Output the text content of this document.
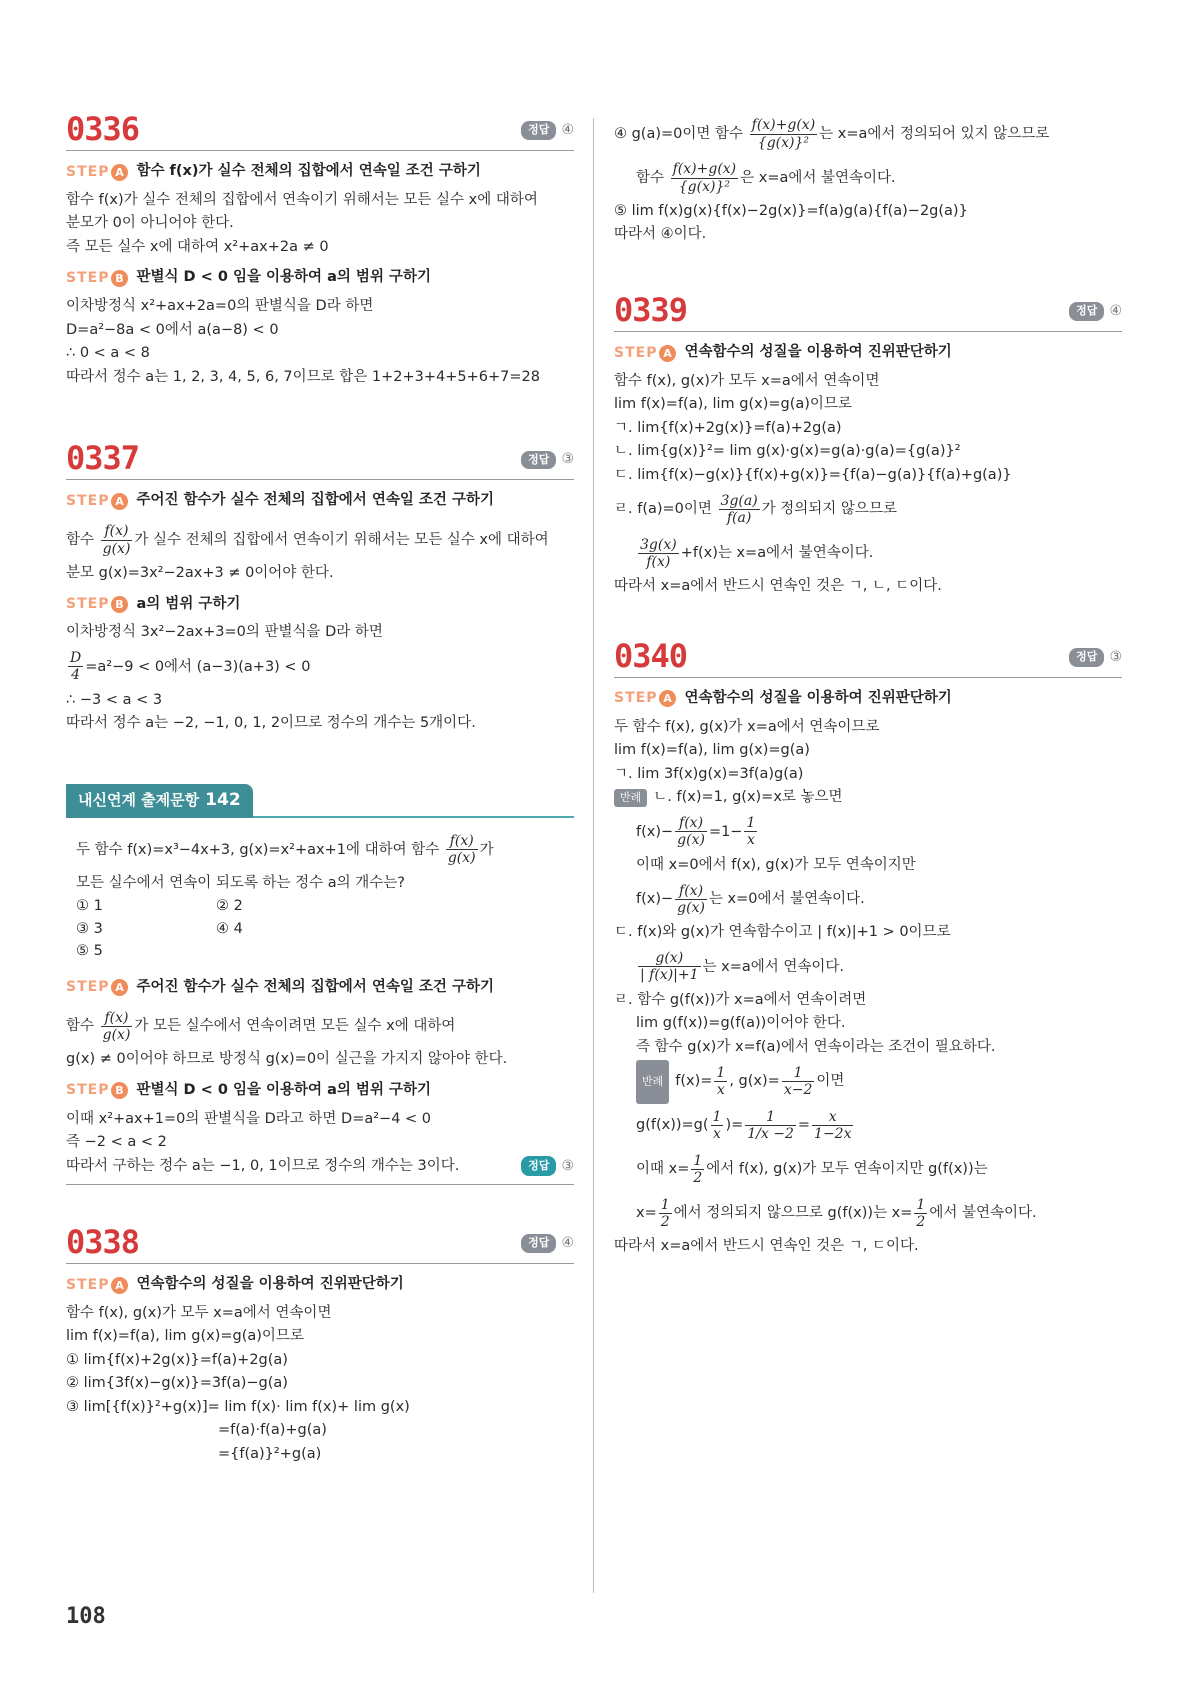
0336	정답 ④
STEP A 함수 f(x)가 실수 전체의 집합에서 연속일 조건 구하기
함수 f(x)가 실수 전체의 집합에서 연속이기 위해서는 모든 실수 x에 대하여
분모가 0이 아니어야 한다.
즉 모든 실수 x에 대하여 x²+ax+2a ≠ 0
STEP B 판별식 D < 0 임을 이용하여 a의 범위 구하기
이차방정식 x²+ax+2a=0의 판별식을 D라 하면
D=a²−8a < 0에서 a(a−8) < 0
∴ 0 < a < 8
따라서 정수 a는 1, 2, 3, 4, 5, 6, 7이므로 합은 1+2+3+4+5+6+7=28
0337	정답 ③
STEP A 주어진 함수가 실수 전체의 집합에서 연속일 조건 구하기
함수 $\frac{f(x)}{g(x)}$ 가 실수 전체의 집합에서 연속이기 위해서는 모든 실수 x에 대하여
분모 g(x)=3x²−2ax+3 ≠ 0이어야 한다.
STEP B a의 범위 구하기
이차방정식 3x²−2ax+3=0의 판별식을 D라 하면
$\frac{D}{4} =a^2-9 < 0$에서 (a−3)(a+3) < 0
∴ −3 < a < 3
따라서 정수 a는 −2, −1, 0, 1, 2이므로 정수의 개수는 5개이다.
내신연계 출제문항 142
두 함수 f(x)=x³−4x+3, g(x)=x²+ax+1에 대하여 함수 $\frac{f(x)}{g(x)}$ 가
모든 실수에서 연속이 되도록 하는 정수 a의 개수는?
① 1	② 2
③ 3	④ 4
⑤ 5
STEP A 주어진 함수가 실수 전체의 집합에서 연속일 조건 구하기
함수 $\frac{f(x)}{g(x)}$ 가 모든 실수에서 연속이려면 모든 실수 x에 대하여
g(x) ≠ 0이어야 하므로 방정식 g(x)=0이 실근을 가지지 않아야 한다.
STEP B 판별식 D < 0 임을 이용하여 a의 범위 구하기
이때 x²+ax+1=0의 판별식을 D라고 하면 D=a²−4 < 0
즉 −2 < a < 2
따라서 구하는 정수 a는 −1, 0, 1이므로 정수의 개수는 3이다.	정답 ③
0338	정답 ④
STEP A 연속함수의 성질을 이용하여 진위판단하기
함수 f(x), g(x)가 모두 x=a에서 연속이면
lim f(x)=f(a), lim g(x)=g(a)이므로
① lim{f(x)+2g(x)}=f(a)+2g(a)
② lim{3f(x)−g(x)}=3f(a)−g(a)
③ lim[{f(x)}²+g(x)]= lim f(x)· lim f(x)+ lim g(x)
=f(a)·f(a)+g(a)
={f(a)}²+g(a)
④ g(a)=0이면 함수 $\frac{f(x)+g(x)}{\text{\{g(x)\}²}}$ 는 x=a에서 정의되어 있지 않으므로
함수 $\frac{f(x)+g(x)}{\text{\{g(x)\}²}}$ 은 x=a에서 불연속이다.
⑤ lim f(x)g(x){f(x)−2g(x)}=f(a)g(a){f(a)−2g(a)}
따라서 ④이다.
0339	정답 ④
STEP A 연속함수의 성질을 이용하여 진위판단하기
함수 f(x), g(x)가 모두 x=a에서 연속이면
lim f(x)=f(a), lim g(x)=g(a)이므로
ㄱ. lim{f(x)+2g(x)}=f(a)+2g(a)
ㄴ. lim{g(x)}²= lim g(x)·g(x)=g(a)·g(a)={g(a)}²
ㄷ. lim{f(x)−g(x)}{f(x)+g(x)}={f(a)−g(a)}{f(a)+g(a)}
ㄹ. f(a)=0이면 $\frac{3g(a)}{f(a)}$ 가 정의되지 않으므로
$\frac{3g(x)}{f(x)} +f(x)$는 x=a에서 불연속이다.
따라서 x=a에서 반드시 연속인 것은 ㄱ, ㄴ, ㄷ이다.
0340	정답 ③
STEP A 연속함수의 성질을 이용하여 진위판단하기
두 함수 f(x), g(x)가 x=a에서 연속이므로
lim f(x)=f(a), lim g(x)=g(a)
ㄱ. lim 3f(x)g(x)=3f(a)g(a)
반례 ㄴ. f(x)=1, g(x)=x로 놓으면
$f(x)- \frac{f(x)}{g(x)} =1- \frac{1}{x}$
이때 x=0에서 f(x), g(x)가 모두 연속이지만
$f(x)- \frac{f(x)}{g(x)}$ 는 x=0에서 불연속이다.
ㄷ. f(x)와 g(x)가 연속함수이고 | f(x)|+1 > 0이므로
$\frac{g(x)}{| f(x)|+1}$ 는 x=a에서 연속이다.
ㄹ. 함수 g(f(x))가 x=a에서 연속이려면
lim g(f(x))=g(f(a))이어야 한다.
즉 함수 g(x)가 x=f(a)에서 연속이라는 조건이 필요하다.
반례 $f(x)= \frac{1}{x}$ , $g(x)= \frac{1}{x-2}$ 이면
$g(f(x))=g( \frac{1}{x}$ )= $\frac{1}{1/x -2} = \frac{x}{1-2x}$
이때 $x= \frac{1}{2}$ 에서 f(x), g(x)가 모두 연속이지만 g(f(x))는
$x= \frac{1}{2}$ 에서 정의되지 않으므로 g(f(x))는 $x= \frac{1}{2}$ 에서 불연속이다.
따라서 x=a에서 반드시 연속인 것은 ㄱ, ㄷ이다.
108
